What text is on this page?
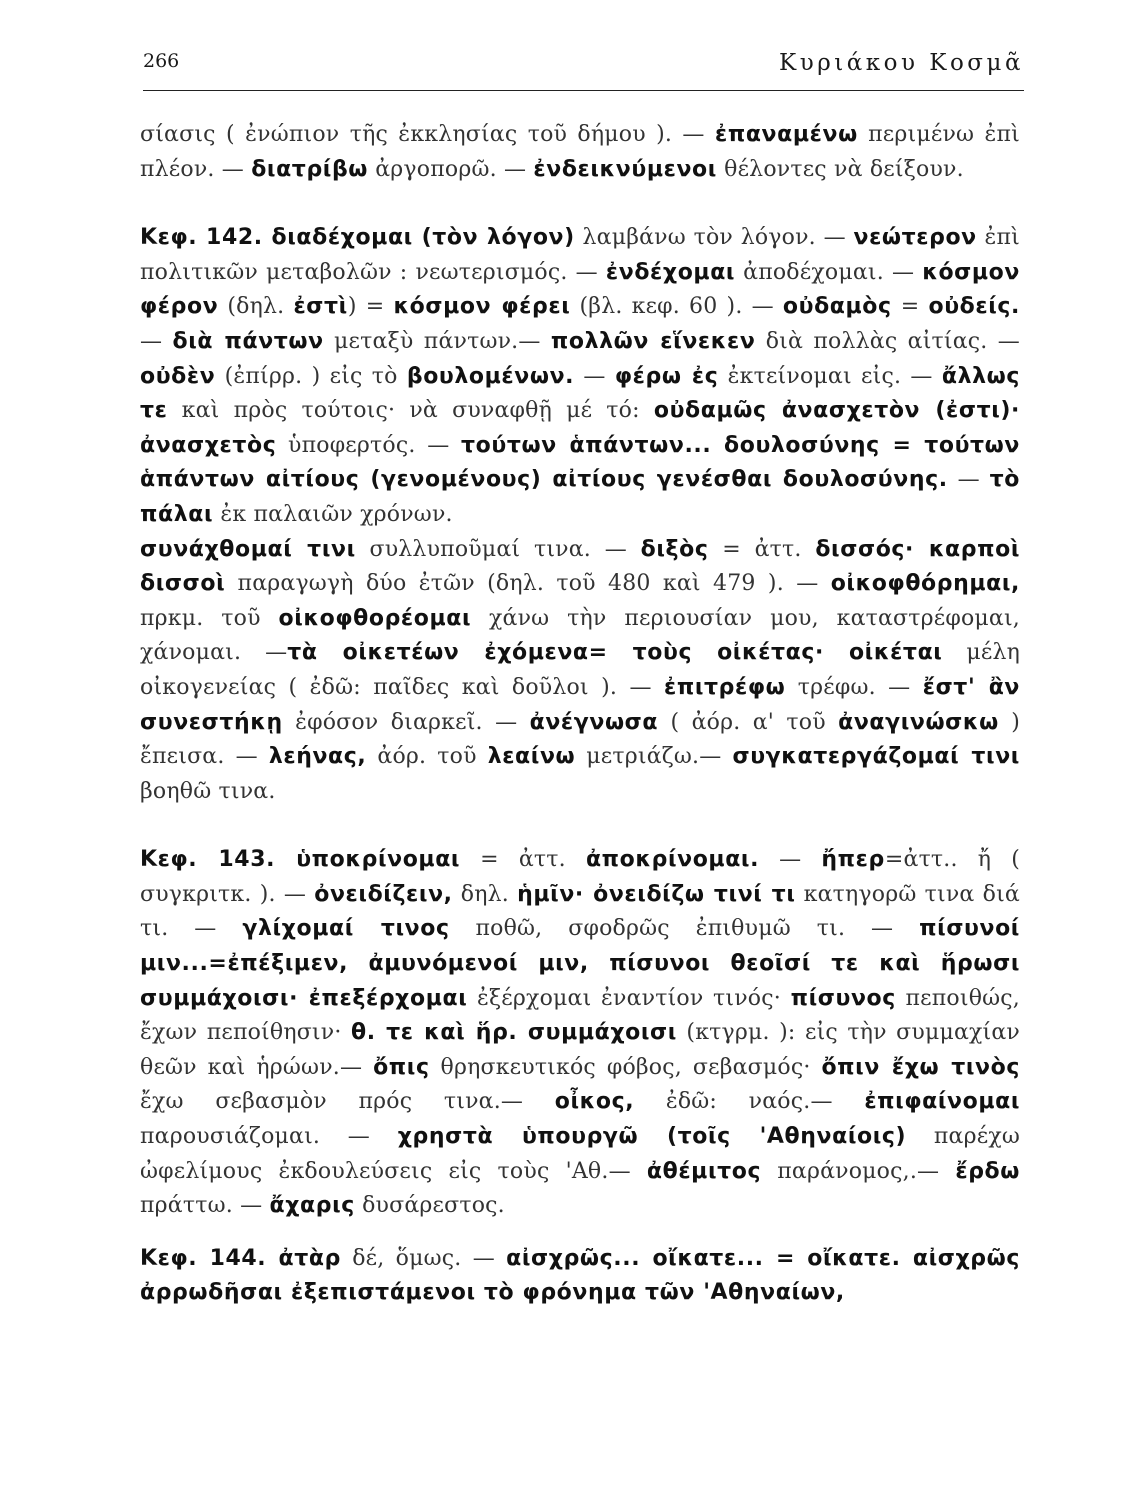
266	Κυριάκου Κοσμᾶ

σίασις ( ἐνώπιον τῆς ἐκκλησίας τοῦ δήμου ). — ἐπαναμένω περιμένω ἐπὶ πλέον. — διατρίβω ἀργοπορῶ. — ἐνδεικνύμενοι θέλοντες νὰ δείξουν.

Κεφ. 142. διαδέχομαι (τὸν λόγον) λαμβάνω τὸν λόγον. — νεώτερον ἐπὶ πολιτικῶν μεταβολῶν : νεωτερισμός. — ἐνδέχομαι ἀποδέχομαι. — κόσμον φέρον (δηλ. ἐστὶ) = κόσμον φέρει (βλ. κεφ. 60 ). — οὐδαμὸς = οὐδείς. — διὰ πάντων μεταξὺ πάντων.— πολλῶν εἵνεκεν διὰ πολλὰς αἰτίας. —οὐδὲν (ἐπίρρ. ) εἰς τὸ βουλομένων. — φέρω ἐς ἐκτείνομαι εἰς. — ἄλλως τε καὶ πρὸς τούτοις· νὰ συναφθῇ μέ τό: οὐδαμῶς ἀνασχετὸν (ἐστι)· ἀνασχετὸς ὑποφερτός. — τούτων ἁπάντων... δουλοσύνης = τούτων ἁπάντων αἰτίους (γενομένους) αἰτίους γενέσθαι δουλοσύνης. — τὸ πάλαι ἐκ παλαιῶν χρόνων.

συνάχθομαί τινι συλλυποῦμαί τινα. — διξὸς = ἀττ. δισσός· καρποὶ δισσοὶ παραγωγὴ δύο ἐτῶν (δηλ. τοῦ 480 καὶ 479 ). — οἰκοφθόρημαι, πρκμ. τοῦ οἰκοφθορέομαι χάνω τὴν περιουσίαν μου, καταστρέφομαι, χάνομαι. —τὰ οἰκετέων ἐχόμενα= τοὺς οἰκέτας· οἰκέται μέλη οἰκογενείας ( ἐδῶ: παῖδες καὶ δοῦλοι ). — ἐπιτρέφω τρέφω. — ἔστ' ἂν συνεστήκῃ ἐφόσον διαρκεῖ. — ἀνέγνωσα ( ἀόρ. α' τοῦ ἀναγινώσκω ) ἔπεισα. — λεήνας, ἀόρ. τοῦ λεαίνω μετριάζω.— συγκατεργάζομαί τινι βοηθῶ τινα.

Κεφ. 143. ὑποκρίνομαι = ἀττ. ἀποκρίνομαι. — ἤπερ=ἀττ.. ἤ ( συγκριτκ. ). — ὀνειδίζειν, δηλ. ἡμῖν· ὀνειδίζω τινί τι κατηγορῶ τινα διά τι. — γλίχομαί τινος ποθῶ, σφοδρῶς ἐπιθυμῶ τι. — πίσυνοί μιν...=ἐπέξιμεν, ἀμυνόμενοί μιν, πίσυνοι θεοῖσί τε καὶ ἥρωσι συμμάχοισι· ἐπεξέρχομαι ἐξέρχομαι ἐναντίον τινός· πίσυνος πεποιθώς, ἔχων πεποίθησιν· θ. τε καὶ ἥρ. συμμάχοισι (κτγρμ. ): εἰς τὴν συμμαχίαν θεῶν καὶ ἡρώων.— ὄπις θρησκευτικός φόβος, σεβασμός· ὄπιν ἔχω τινὸς ἔχω σεβασμὸν πρός τινα.— οἶκος, ἐδῶ: ναός.— ἐπιφαίνομαι παρουσιάζομαι. — χρηστὰ ὑπουργῶ (τοῖς 'Αθηναίοις) παρέχω ὠφελίμους ἐκδουλεύσεις εἰς τοὺς 'Αθ.— ἀθέμιτος παράνομος,.— ἔρδω πράττω. — ἄχαρις δυσάρεστος.

Κεφ. 144. ἀτὰρ δέ, ὅμως. — αἰσχρῶς... οἴκατε... = οἴκατε. αἰσχρῶς ἀρρωδῆσαι ἐξεπιστάμενοι τὸ φρόνημα τῶν 'Αθηναίων,
